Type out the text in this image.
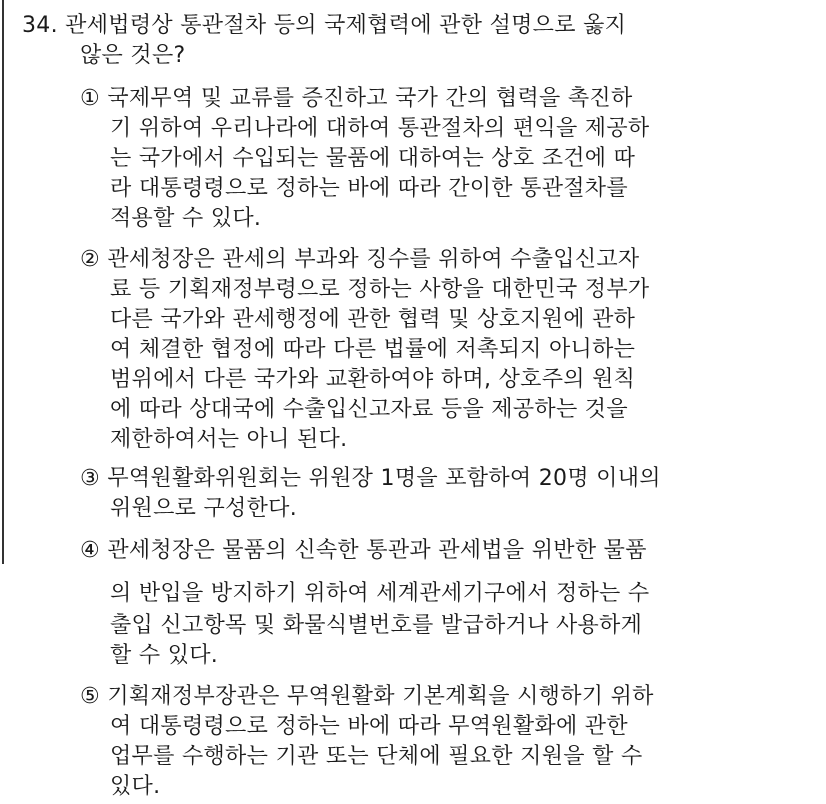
34. 관세법령상 통관절차 등의 국제협력에 관한 설명으로 옳지
않은 것은?
① 국제무역 및 교류를 증진하고 국가 간의 협력을 촉진하
기 위하여 우리나라에 대하여 통관절차의 편익을 제공하
는 국가에서 수입되는 물품에 대하여는 상호 조건에 따
라 대통령령으로 정하는 바에 따라 간이한 통관절차를
적용할 수 있다.
② 관세청장은 관세의 부과와 징수를 위하여 수출입신고자
료 등 기획재정부령으로 정하는 사항을 대한민국 정부가
다른 국가와 관세행정에 관한 협력 및 상호지원에 관하
여 체결한 협정에 따라 다른 법률에 저촉되지 아니하는
범위에서 다른 국가와 교환하여야 하며, 상호주의 원칙
에 따라 상대국에 수출입신고자료 등을 제공하는 것을
제한하여서는 아니 된다.
③ 무역원활화위원회는 위원장 1명을 포함하여 20명 이내의
위원으로 구성한다.
④ 관세청장은 물품의 신속한 통관과 관세법을 위반한 물품
의 반입을 방지하기 위하여 세계관세기구에서 정하는 수
출입 신고항목 및 화물식별번호를 발급하거나 사용하게
할 수 있다.
⑤ 기획재정부장관은 무역원활화 기본계획을 시행하기 위하
여 대통령령으로 정하는 바에 따라 무역원활화에 관한
업무를 수행하는 기관 또는 단체에 필요한 지원을 할 수
있다.
